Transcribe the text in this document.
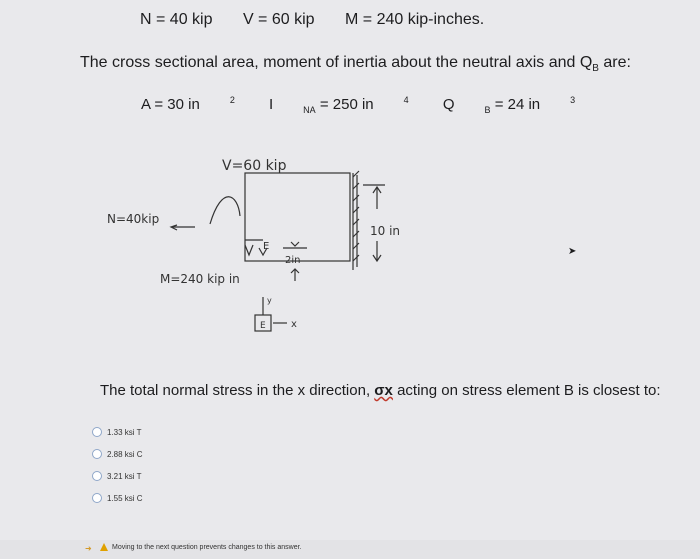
N = 40 kip V = 60 kip M = 240 kip-inches.
The cross sectional area, moment of inertia about the neutral axis and $Q_B$ are:
A = 30 in	$^2$ I	$_{NA}$ = 250 in	$^4$ Q	$_B$ = 24 in	$^3$
V=60 kip
N=40kip
M=240 kip in
E
2in
10 in
E
y
x
The total normal stress in the x direction, σx acting on stress element B is closest to:
1.33 ksi T
2.88 ksi C
3.21 ksi T
1.55 ksi C
➤
➜	Moving to the next question prevents changes to this answer.
